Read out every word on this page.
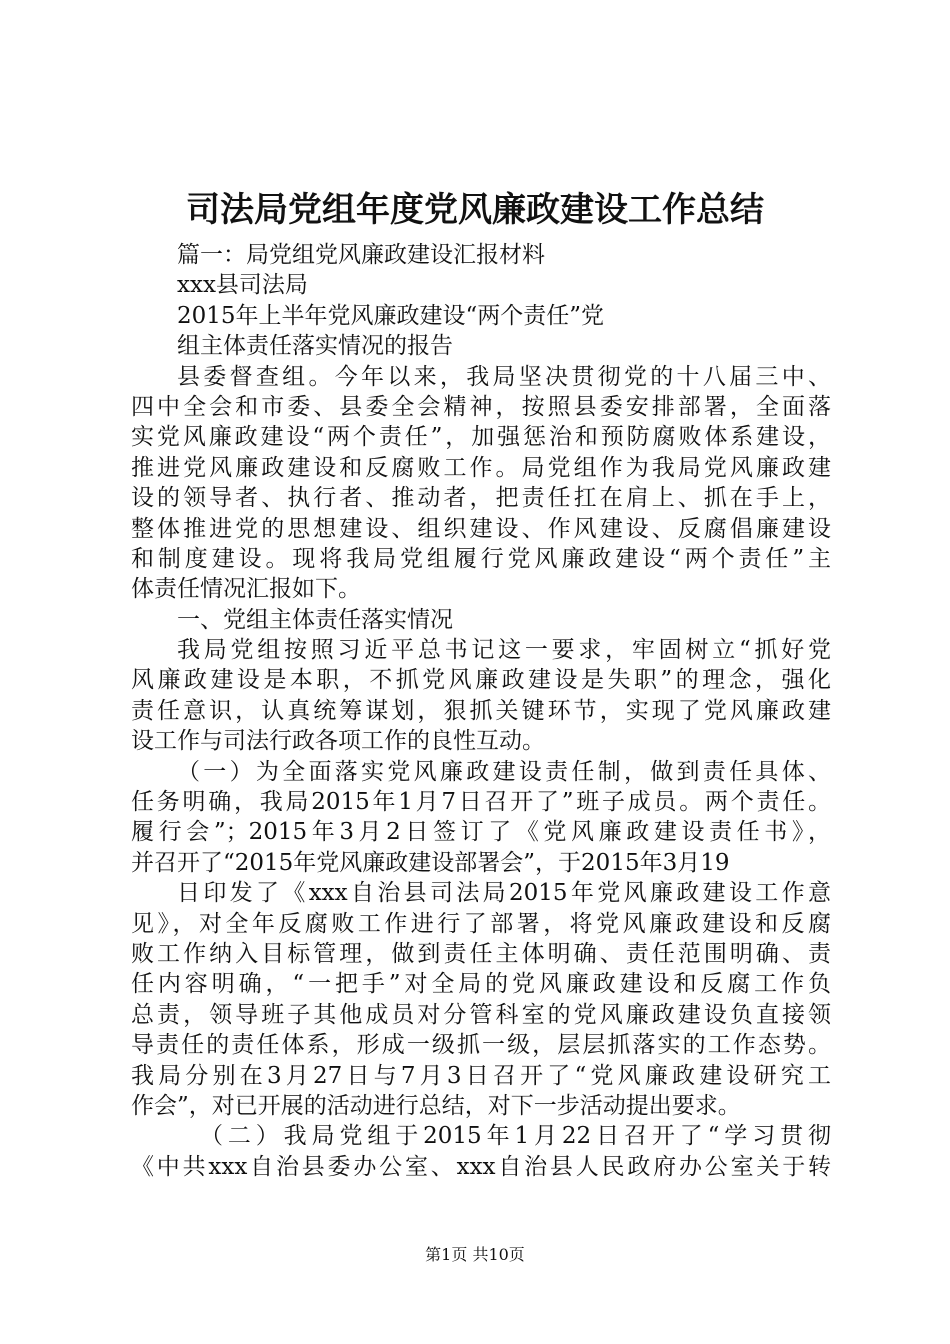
司法局党组年度党风廉政建设工作总结
篇一：局党组党风廉政建设汇报材料
xxx县司法局
2015年上半年党风廉政建设“两个责任”党
组主体责任落实情况的报告
县委督查组。今年以来，我局坚决贯彻党的十八届三中、
四中全会和市委、县委全会精神，按照县委安排部署，全面落
实党风廉政建设“两个责任”，加强惩治和预防腐败体系建设，
推进党风廉政建设和反腐败工作。局党组作为我局党风廉政建
设的领导者、执行者、推动者，把责任扛在肩上、抓在手上，
整体推进党的思想建设、组织建设、作风建设、反腐倡廉建设
和制度建设。现将我局党组履行党风廉政建设“两个责任”主
体责任情况汇报如下。
一、党组主体责任落实情况
我局党组按照习近平总书记这一要求，牢固树立“抓好党
风廉政建设是本职，不抓党风廉政建设是失职”的理念，强化
责任意识，认真统筹谋划，狠抓关键环节，实现了党风廉政建
设工作与司法行政各项工作的良性互动。
（一）为全面落实党风廉政建设责任制，做到责任具体、
任务明确，我局2015年1月7日召开了”班子成员。两个责任。
履行会”；2015年3月2日签订了《党风廉政建设责任书》，
并召开了“2015年党风廉政建设部署会”，于2015年3月19
日印发了《xxx自治县司法局2015年党风廉政建设工作意
见》，对全年反腐败工作进行了部署，将党风廉政建设和反腐
败工作纳入目标管理，做到责任主体明确、责任范围明确、责
任内容明确，“一把手”对全局的党风廉政建设和反腐工作负
总责，领导班子其他成员对分管科室的党风廉政建设负直接领
导责任的责任体系，形成一级抓一级，层层抓落实的工作态势。
我局分别在3月27日与7月3日召开了“党风廉政建设研究工
作会”，对已开展的活动进行总结，对下一步活动提出要求。
（二）我局党组于2015年1月22日召开了“学习贯彻
《中共xxx自治县委办公室、xxx自治县人民政府办公室关于转
第1页 共10页
